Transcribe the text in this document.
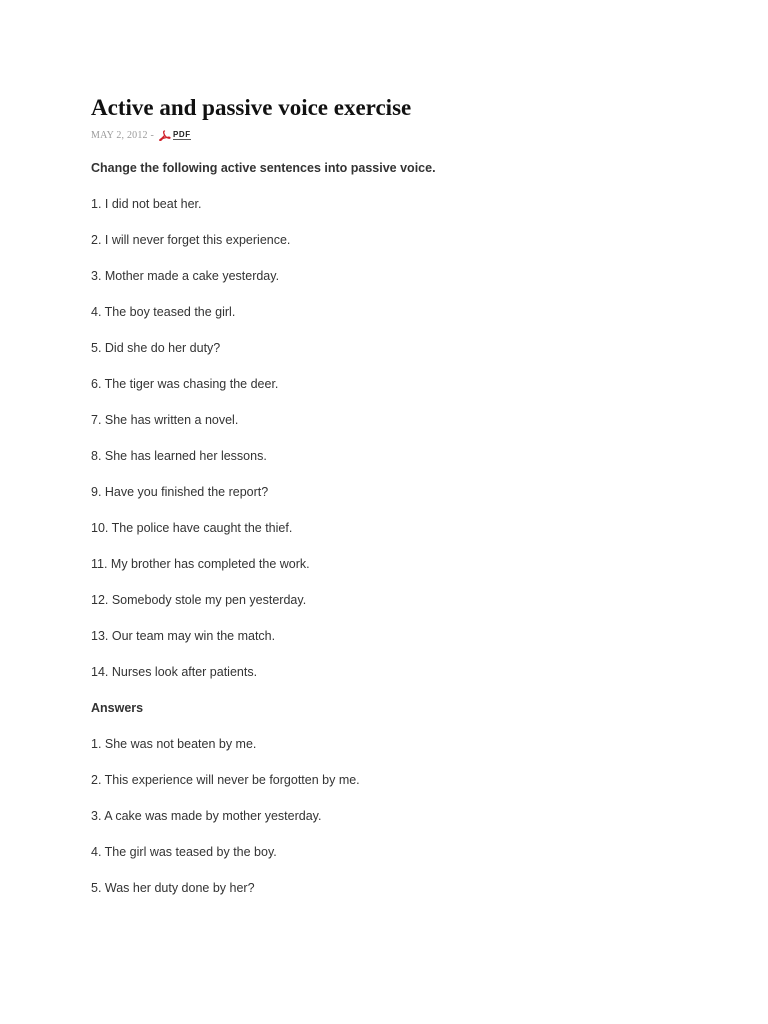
Active and passive voice exercise
MAY 2, 2012 - PDF
Change the following active sentences into passive voice.
1. I did not beat her.
2. I will never forget this experience.
3. Mother made a cake yesterday.
4. The boy teased the girl.
5. Did she do her duty?
6. The tiger was chasing the deer.
7. She has written a novel.
8. She has learned her lessons.
9. Have you finished the report?
10. The police have caught the thief.
11. My brother has completed the work.
12. Somebody stole my pen yesterday.
13. Our team may win the match.
14. Nurses look after patients.
Answers
1. She was not beaten by me.
2. This experience will never be forgotten by me.
3. A cake was made by mother yesterday.
4. The girl was teased by the boy.
5. Was her duty done by her?
